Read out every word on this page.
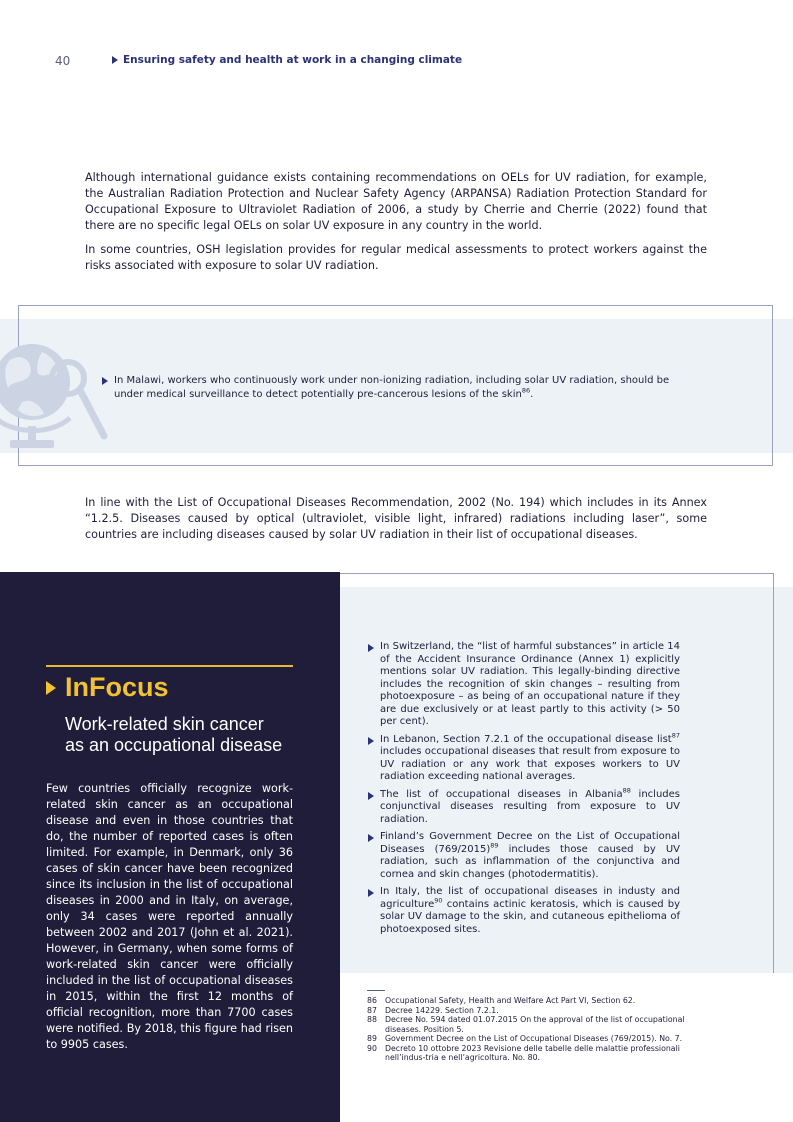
40	Ensuring safety and health at work in a changing climate

Although international guidance exists containing recommendations on OELs for UV radiation, for example, the Australian Radiation Protection and Nuclear Safety Agency (ARPANSA) Radiation Protection Standard for Occupational Exposure to Ultraviolet Radiation of 2006, a study by Cherrie and Cherrie (2022) found that there are no specific legal OELs on solar UV exposure in any country in the world.

In some countries, OSH legislation provides for regular medical assessments to protect workers against the risks associated with exposure to solar UV radiation.

In Malawi, workers who continuously work under non-ionizing radiation, including solar UV radiation, should be under medical surveillance to detect potentially pre-cancerous lesions of the skin$^{86}$.

In line with the List of Occupational Diseases Recommendation, 2002 (No. 194) which includes in its Annex “1.2.5. Diseases caused by optical (ultraviolet, visible light, infrared) radiations including laser”, some countries are including diseases caused by solar UV radiation in their list of occupational diseases.

InFocus
Work-related skin cancer
as an occupational disease

Few countries officially recognize work-related skin cancer as an occupational disease and even in those countries that do, the number of reported cases is often limited. For example, in Denmark, only 36 cases of skin cancer have been recognized since its inclusion in the list of occupational diseases in 2000 and in Italy, on average, only 34 cases were reported annually between 2002 and 2017 (John et al. 2021). However, in Germany, when some forms of work-related skin cancer were officially included in the list of occupational diseases in 2015, within the first 12 months of official recognition, more than 7700 cases were notified. By 2018, this figure had risen to 9905 cases.

In Switzerland, the “list of harmful substances” in article 14 of the Accident Insurance Ordinance (Annex 1) explicitly mentions solar UV radiation. This legally-binding directive includes the recognition of skin changes – resulting from photoexposure – as being of an occupational nature if they are due exclusively or at least partly to this activity (> 50 per cent).
In Lebanon, Section 7.2.1 of the occupational disease list$^{87}$ includes occupational diseases that result from exposure to UV radiation or any work that exposes workers to UV radiation exceeding national averages.
The list of occupational diseases in Albania$^{88}$ includes conjunctival diseases resulting from exposure to UV radiation.
Finland’s Government Decree on the List of Occupational Diseases $(769/2015)^{89}$ includes those caused by UV radiation, such as inflammation of the conjunctiva and cornea and skin changes (photodermatitis).
In Italy, the list of occupational diseases in industy and agriculture$^{90}$ contains actinic keratosis, which is caused by solar UV damage to the skin, and cutaneous epithelioma of photoexposed sites.
86	Occupational Safety, Health and Welfare Act Part VI, Section 62.
87	Decree 14229. Section 7.2.1.
88	Decree No. 594 dated 01.07.2015 On the approval of the list of occupational diseases. Position 5.
89	Government Decree on the List of Occupational Diseases (769/2015). No. 7.
90	Decreto 10 ottobre 2023 Revisione delle tabelle delle malattie professionali nell’indus-tria e nell’agricoltura. No. 80.
